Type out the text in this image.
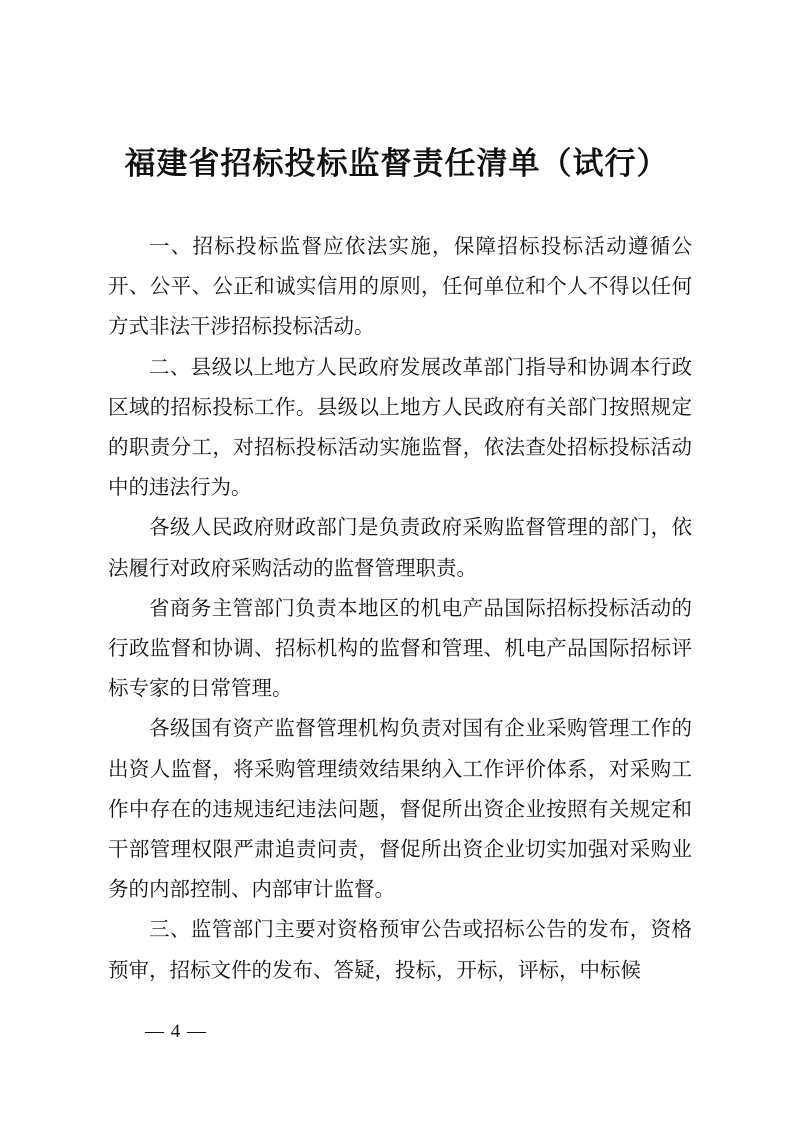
福建省招标投标监督责任清单（试行）

一、招标投标监督应依法实施，保障招标投标活动遵循公开、公平、公正和诚实信用的原则，任何单位和个人不得以任何方式非法干涉招标投标活动。

二、县级以上地方人民政府发展改革部门指导和协调本行政区域的招标投标工作。县级以上地方人民政府有关部门按照规定的职责分工，对招标投标活动实施监督，依法查处招标投标活动中的违法行为。

各级人民政府财政部门是负责政府采购监督管理的部门，依法履行对政府采购活动的监督管理职责。

省商务主管部门负责本地区的机电产品国际招标投标活动的行政监督和协调、招标机构的监督和管理、机电产品国际招标评标专家的日常管理。

各级国有资产监督管理机构负责对国有企业采购管理工作的出资人监督，将采购管理绩效结果纳入工作评价体系，对采购工作中存在的违规违纪违法问题，督促所出资企业按照有关规定和干部管理权限严肃追责问责，督促所出资企业切实加强对采购业务的内部控制、内部审计监督。

三、监管部门主要对资格预审公告或招标公告的发布，资格预审，招标文件的发布、答疑，投标，开标，评标，中标候

— 4 —
